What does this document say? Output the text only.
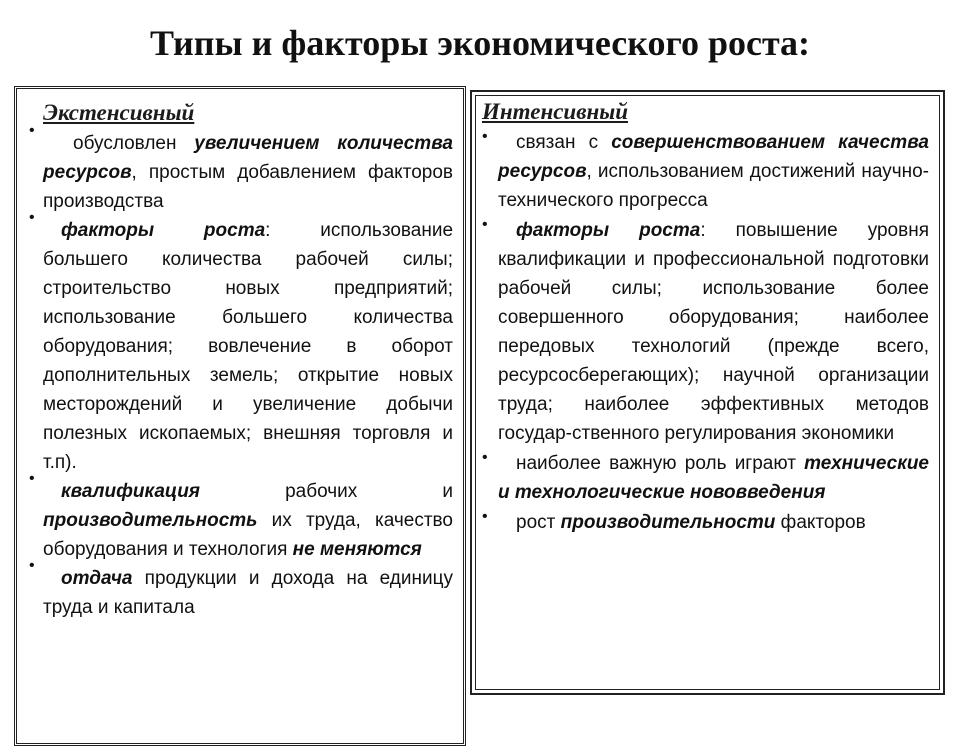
Типы и факторы экономического роста:
Экстенсивный
•
обусловлен увеличением количества ресурсов, простым добавлением факторов производства
•
факторы роста: использование большего количества рабочей силы; строительство новых предприятий; использование большего количества оборудования; вовлечение в оборот дополнительных земель; открытие новых месторождений и увеличение добычи полезных ископаемых; внешняя торговля и т.п).
•
квалификация рабочих и производительность их труда, качество оборудования и технология не меняются
•
отдача продукции и дохода на единицу труда и капитала
Интенсивный
•	связан с совершенствованием качества ресурсов, использованием достижений научно-технического прогресса
•	факторы роста: повышение уровня квалификации и профессиональной подготовки рабочей силы; использование более совершенного оборудования; наиболее передовых технологий (прежде всего, ресурсосберегающих); научной организации труда; наиболее эффективных методов государ-ственного регулирования экономики
•	наиболее важную роль играют технические и технологические нововведения
•	рост производительности факторов
